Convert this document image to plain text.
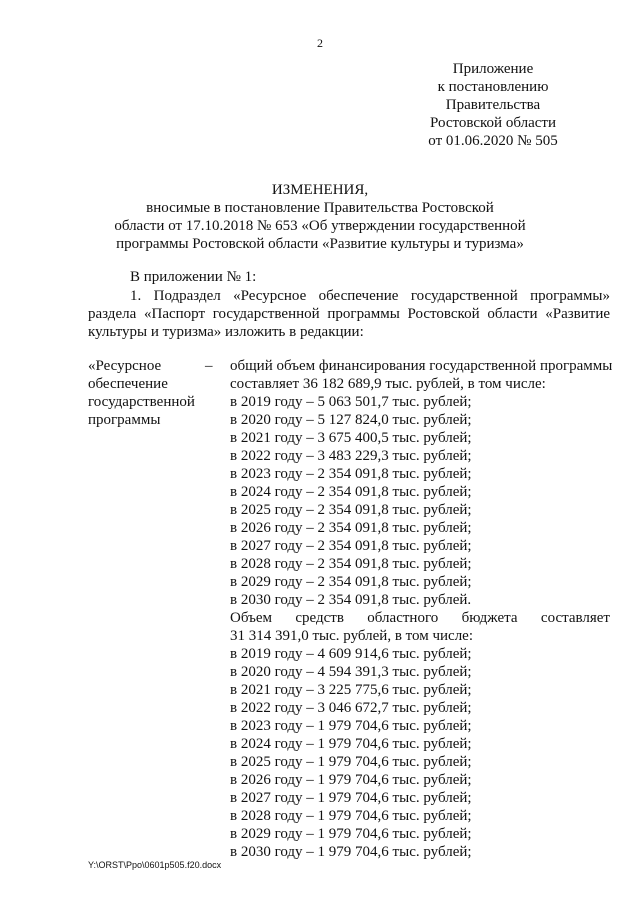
2
Приложение
к постановлению
Правительства
Ростовской области
от 01.06.2020 № 505
ИЗМЕНЕНИЯ,
вносимые в постановление Правительства Ростовской
области от 17.10.2018 № 653 «Об утверждении государственной
программы Ростовской области «Развитие культуры и туризма»
В приложении № 1:
1. Подраздел «Ресурсное обеспечение государственной программы» раздела «Паспорт государственной программы Ростовской области «Развитие культуры и туризма» изложить в редакции:
«Ресурсное
обеспечение
государственной
программы
– общий объем финансирования государственной программы
составляет 36 182 689,9 тыс. рублей, в том числе:
в 2019 году – 5 063 501,7 тыс. рублей;
в 2020 году – 5 127 824,0 тыс. рублей;
в 2021 году – 3 675 400,5 тыс. рублей;
в 2022 году – 3 483 229,3 тыс. рублей;
в 2023 году – 2 354 091,8 тыс. рублей;
в 2024 году – 2 354 091,8 тыс. рублей;
в 2025 году – 2 354 091,8 тыс. рублей;
в 2026 году – 2 354 091,8 тыс. рублей;
в 2027 году – 2 354 091,8 тыс. рублей;
в 2028 году – 2 354 091,8 тыс. рублей;
в 2029 году – 2 354 091,8 тыс. рублей;
в 2030 году – 2 354 091,8 тыс. рублей.
Объем средств областного бюджета составляет
31 314 391,0 тыс. рублей, в том числе:
в 2019 году – 4 609 914,6 тыс. рублей;
в 2020 году – 4 594 391,3 тыс. рублей;
в 2021 году – 3 225 775,6 тыс. рублей;
в 2022 году – 3 046 672,7 тыс. рублей;
в 2023 году – 1 979 704,6 тыс. рублей;
в 2024 году – 1 979 704,6 тыс. рублей;
в 2025 году – 1 979 704,6 тыс. рублей;
в 2026 году – 1 979 704,6 тыс. рублей;
в 2027 году – 1 979 704,6 тыс. рублей;
в 2028 году – 1 979 704,6 тыс. рублей;
в 2029 году – 1 979 704,6 тыс. рублей;
в 2030 году – 1 979 704,6 тыс. рублей;
Y:\ORST\Ppo\0601p505.f20.docx
